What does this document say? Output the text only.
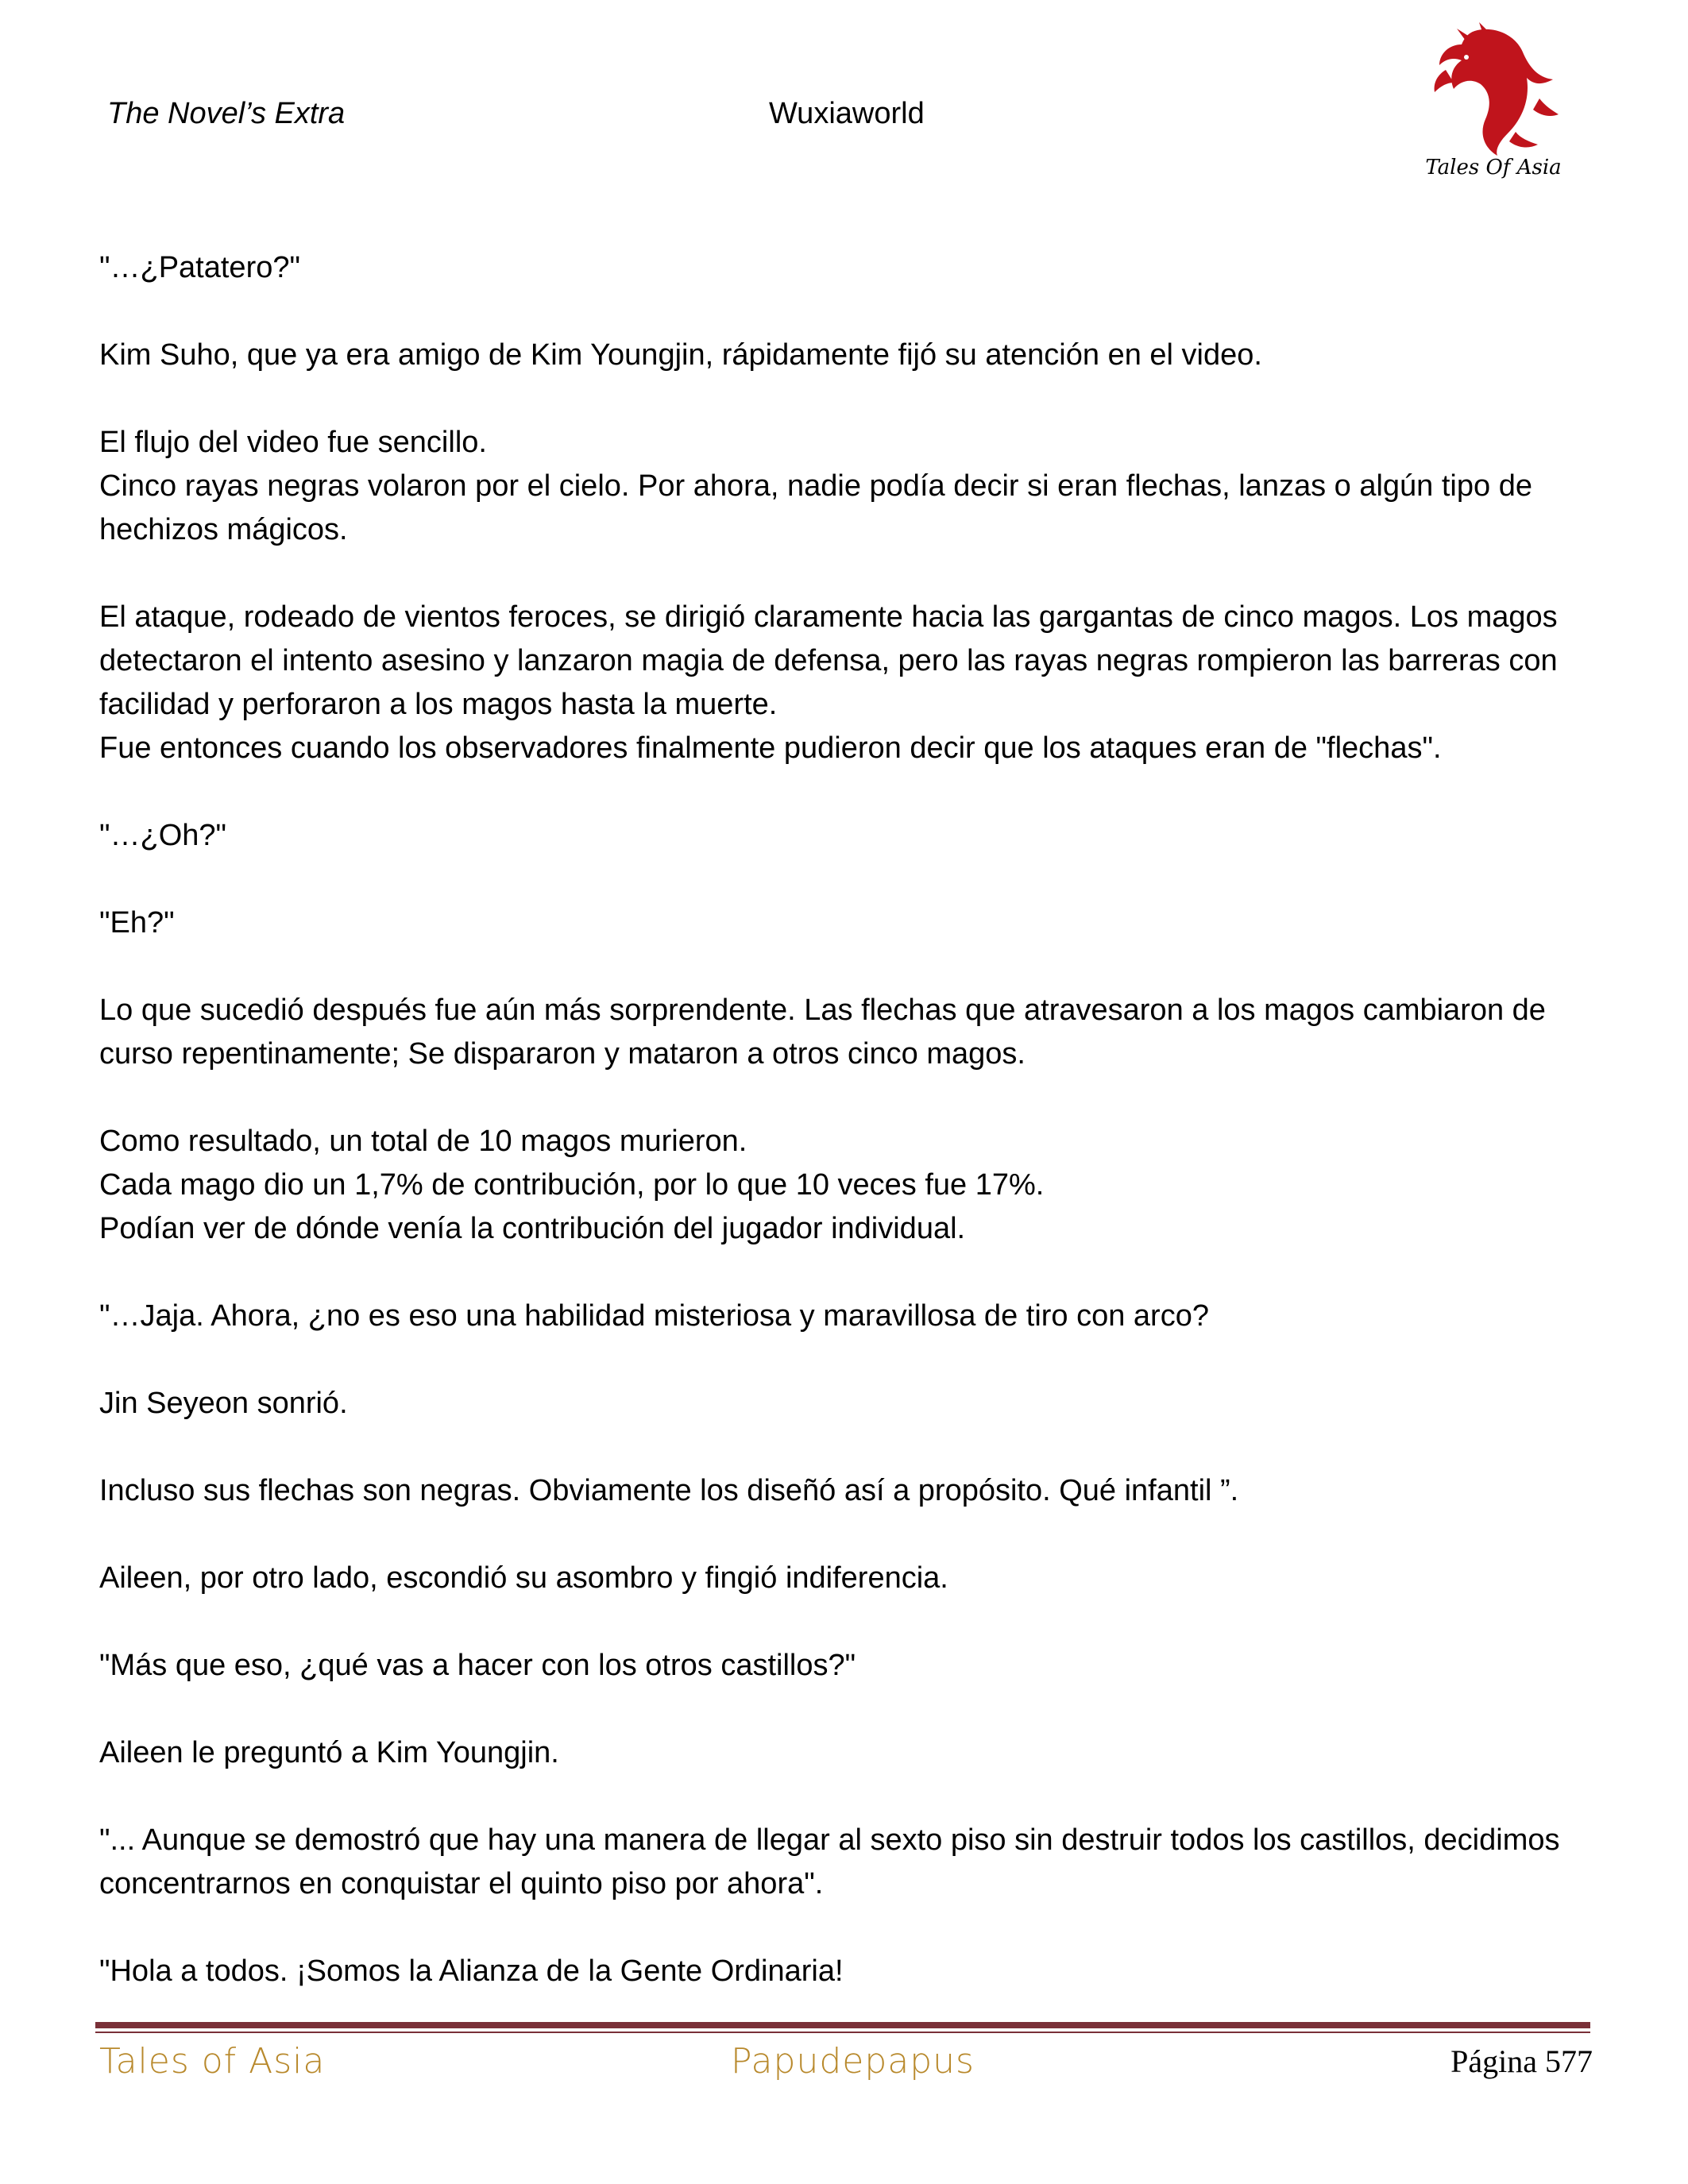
The Novel’s Extra	Wuxiaworld
Tales Of Asia

"…¿Patatero?"

Kim Suho, que ya era amigo de Kim Youngjin, rápidamente fijó su atención en el video.

El flujo del video fue sencillo.
Cinco rayas negras volaron por el cielo. Por ahora, nadie podía decir si eran flechas, lanzas o algún tipo de hechizos mágicos.

El ataque, rodeado de vientos feroces, se dirigió claramente hacia las gargantas de cinco magos. Los magos detectaron el intento asesino y lanzaron magia de defensa, pero las rayas negras rompieron las barreras con facilidad y perforaron a los magos hasta la muerte.
Fue entonces cuando los observadores finalmente pudieron decir que los ataques eran de "flechas".

"…¿Oh?"

"Eh?"

Lo que sucedió después fue aún más sorprendente. Las flechas que atravesaron a los magos cambiaron de curso repentinamente; Se dispararon y mataron a otros cinco magos.

Como resultado, un total de 10 magos murieron.
Cada mago dio un 1,7% de contribución, por lo que 10 veces fue 17%.
Podían ver de dónde venía la contribución del jugador individual.

"…Jaja. Ahora, ¿no es eso una habilidad misteriosa y maravillosa de tiro con arco?

Jin Seyeon sonrió.

Incluso sus flechas son negras. Obviamente los diseñó así a propósito. Qué infantil ”.

Aileen, por otro lado, escondió su asombro y fingió indiferencia.

"Más que eso, ¿qué vas a hacer con los otros castillos?"

Aileen le preguntó a Kim Youngjin.

"... Aunque se demostró que hay una manera de llegar al sexto piso sin destruir todos los castillos, decidimos concentrarnos en conquistar el quinto piso por ahora".

"Hola a todos. ¡Somos la Alianza de la Gente Ordinaria!

Tales of Asia	Papudepapus	Página 577
